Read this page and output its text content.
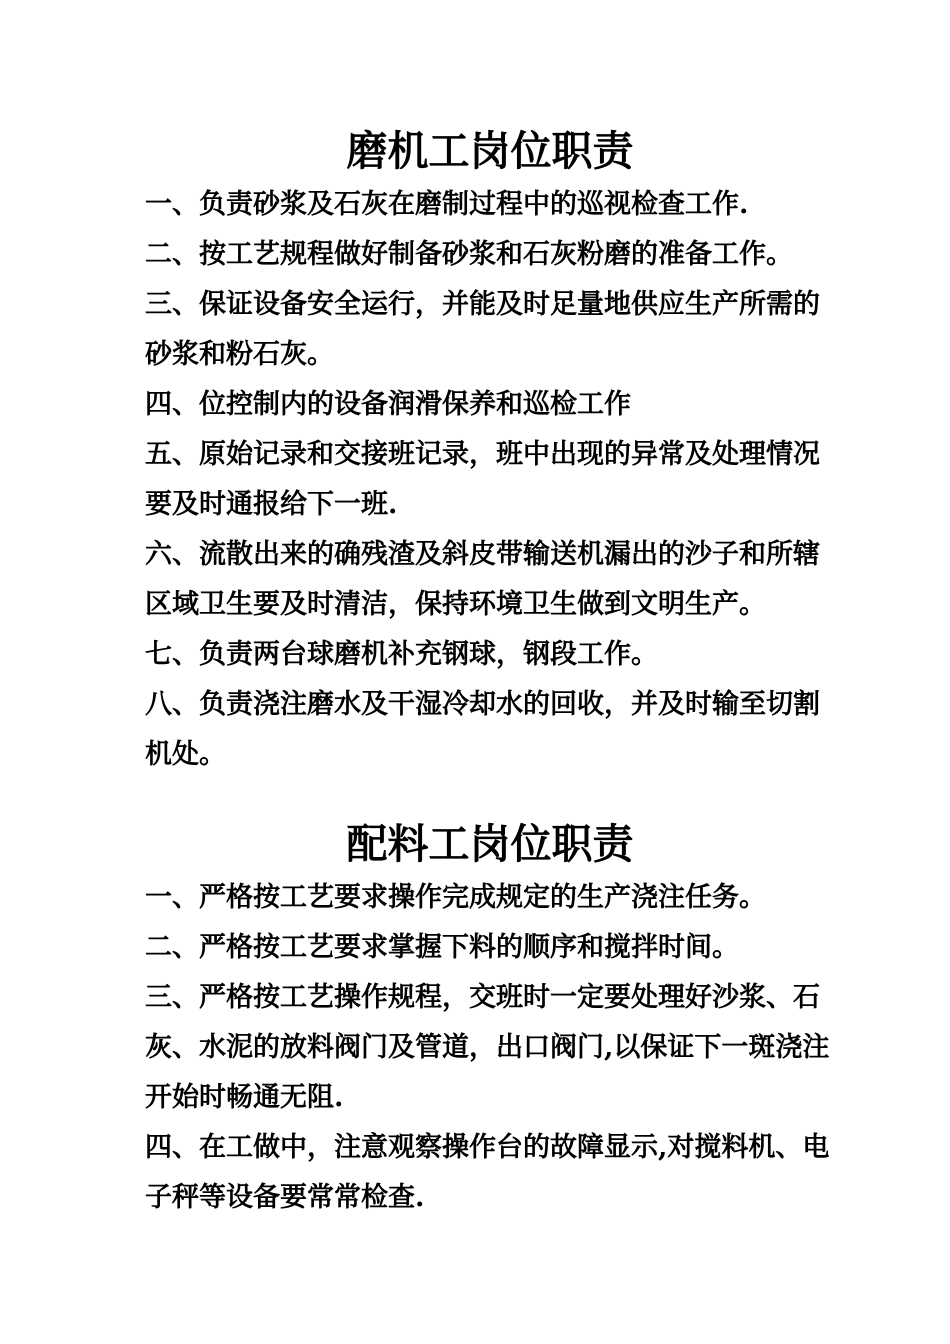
磨机工岗位职责
一、负责砂浆及石灰在磨制过程中的巡视检查工作.
二、按工艺规程做好制备砂浆和石灰粉磨的准备工作。
三、保证设备安全运行，并能及时足量地供应生产所需的砂浆和粉石灰。
四、位控制内的设备润滑保养和巡检工作
五、原始记录和交接班记录，班中出现的异常及处理情况要及时通报给下一班.
六、流散出来的确残渣及斜皮带输送机漏出的沙子和所辖区域卫生要及时清洁，保持环境卫生做到文明生产。
七、负责两台球磨机补充钢球，钢段工作。
八、负责浇注磨水及干湿冷却水的回收，并及时输至切割机处。
配料工岗位职责
一、严格按工艺要求操作完成规定的生产浇注任务。
二、严格按工艺要求掌握下料的顺序和搅拌时间。
三、严格按工艺操作规程，交班时一定要处理好沙浆、石灰、水泥的放料阀门及管道，出口阀门,以保证下一斑浇注开始时畅通无阻.
四、在工做中，注意观察操作台的故障显示,对搅料机、电子秤等设备要常常检查.
